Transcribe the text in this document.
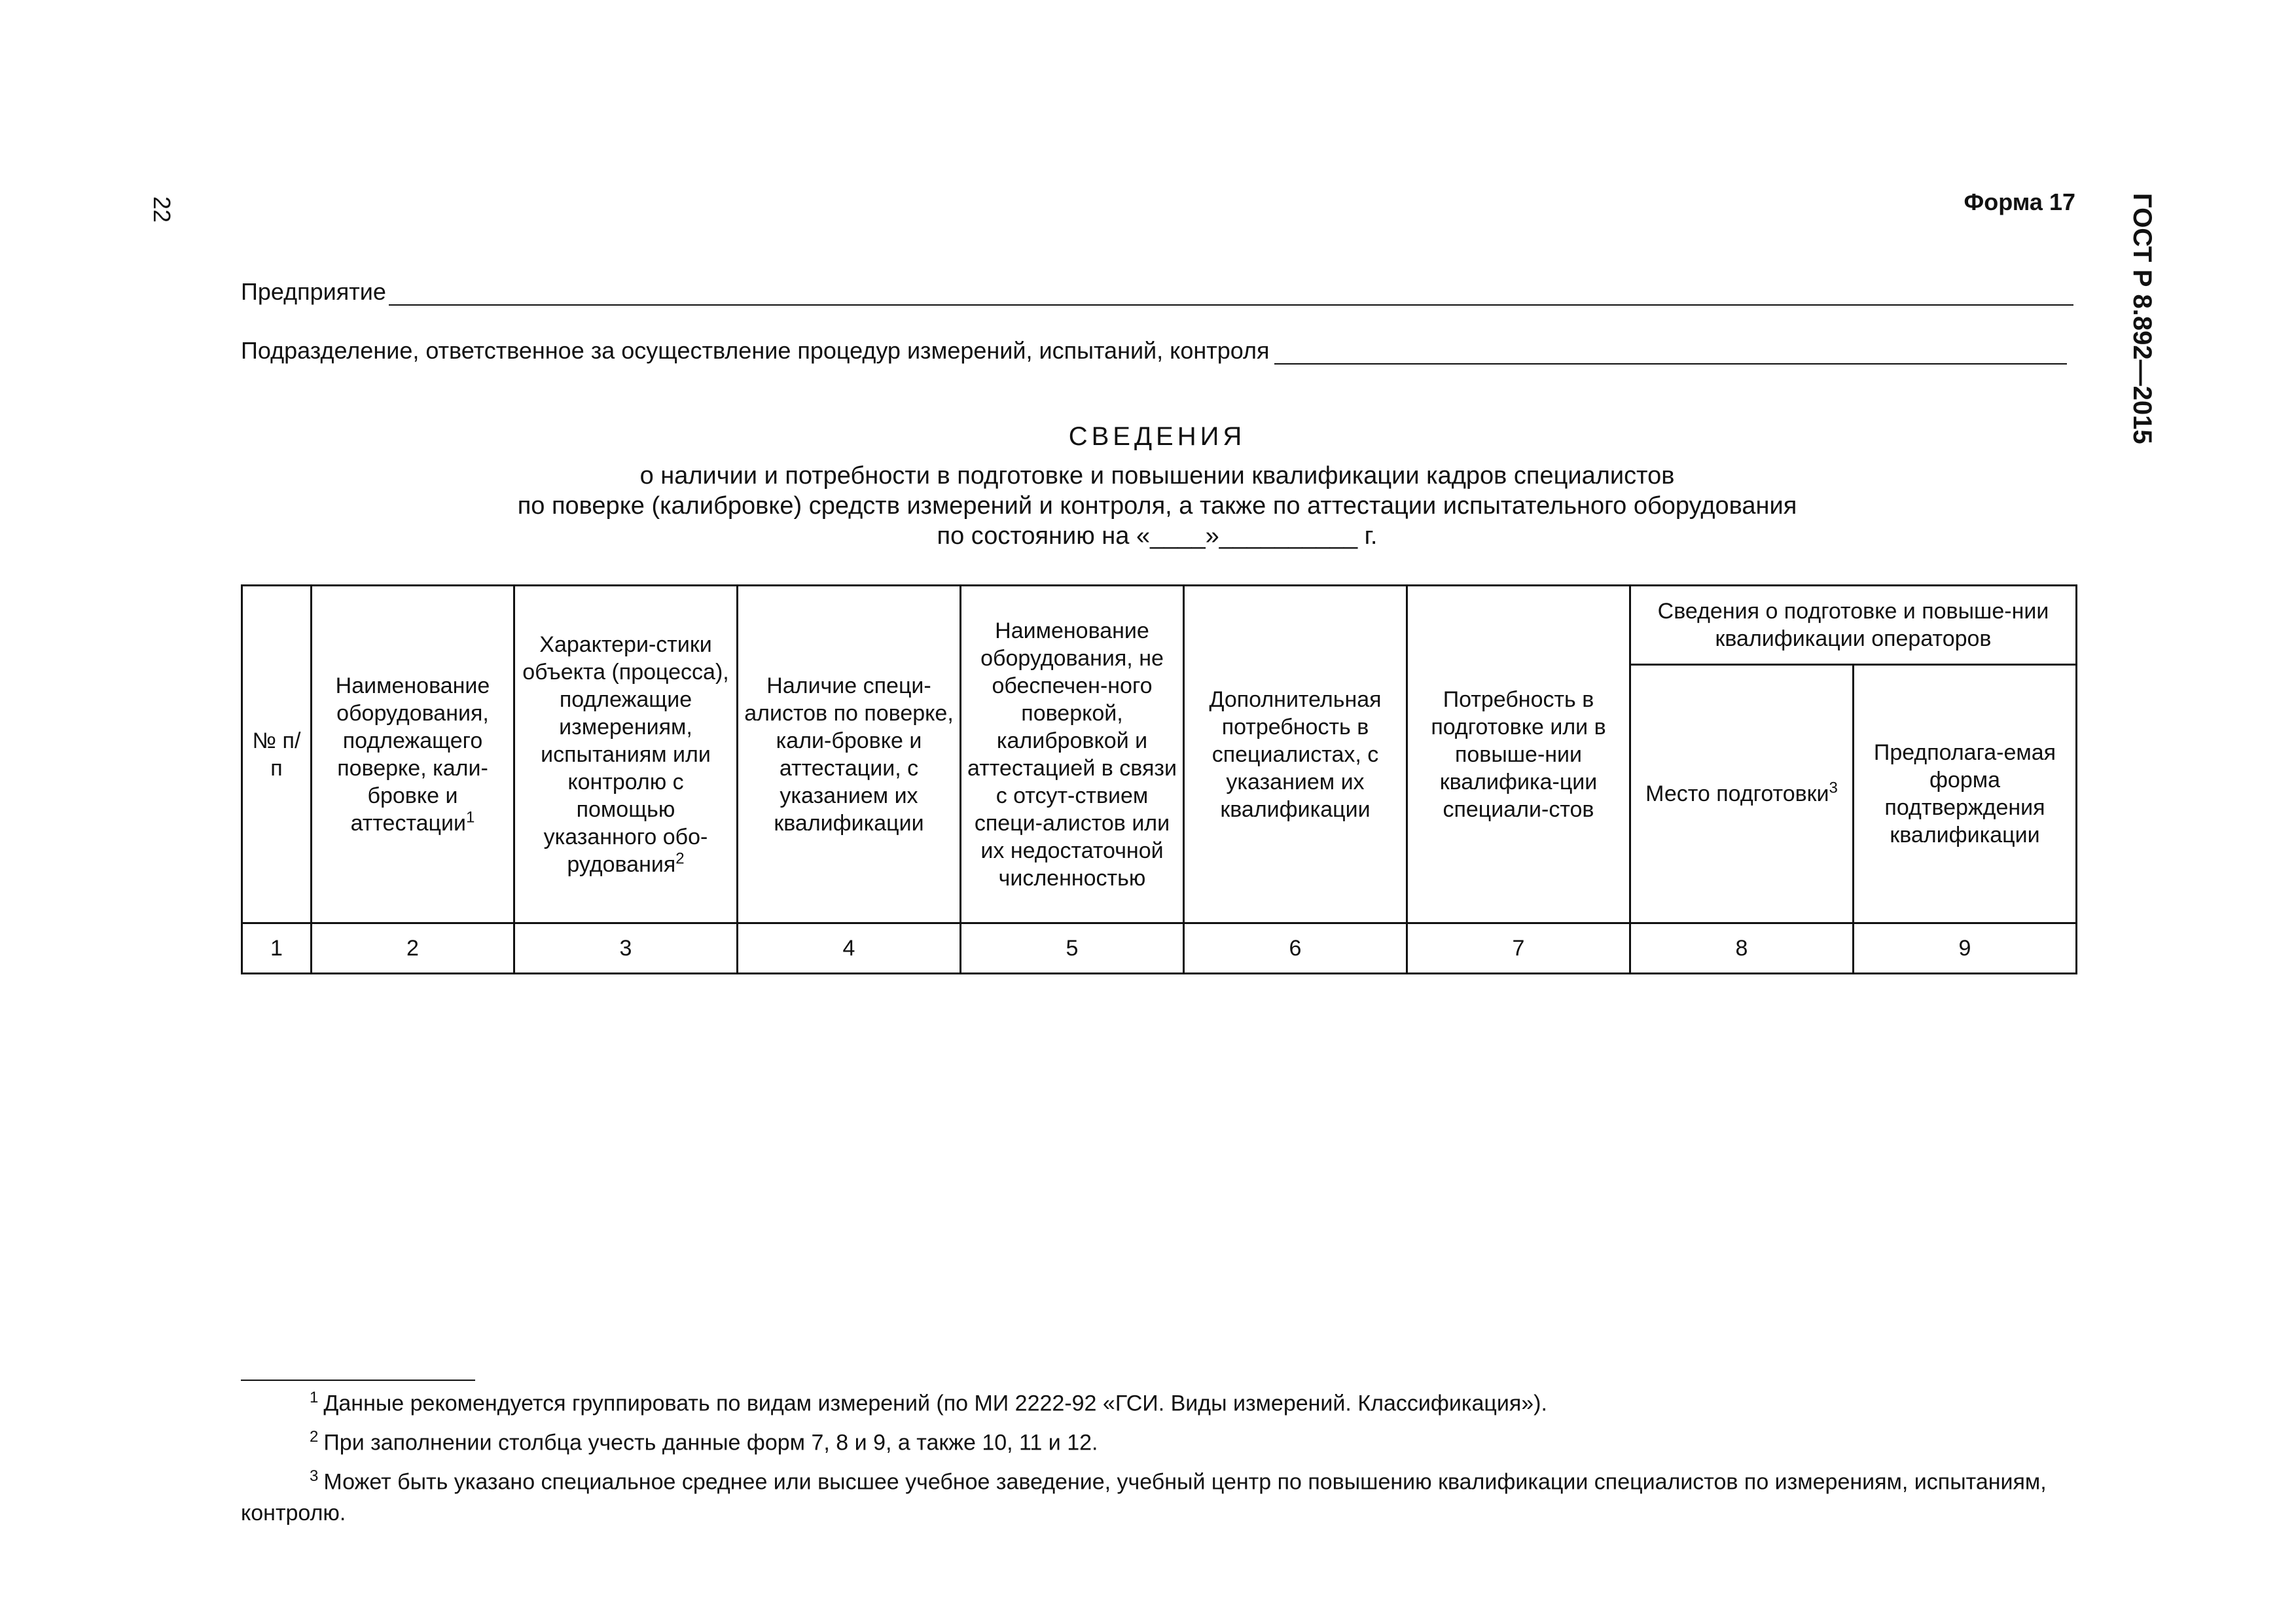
22	ГОСТ Р 8.892—2015
Форма 17
Предприятие
Подразделение, ответственное за осуществление процедур измерений, испытаний, контроля
СВЕДЕНИЯ
о наличии и потребности в подготовке и повышении квалификации кадров специалистов
по поверке (калибровке) средств измерений и контроля, а также по аттестации испытательного оборудования
по состоянию на «____»__________ г.
№ п/п	Наименование оборудования, подлежащего поверке, кали-бровке и аттестации$^1$	Характери-стики объекта (процесса), подлежащие измерениям, испытаниям или контролю с помощью указанного обо-рудования$^2$	Наличие специ-алистов по поверке, кали-бровке и аттестации, с указанием их квалификации	Наименование оборудования, не обеспечен-ного поверкой, калибровкой и аттестацией в связи с отсут-ствием специ-алистов или их недостаточной численностью	Дополнительная потребность в специалистах, с указанием их квалификации	Потребность в подготовке или в повыше-нии квалифика-ции специали-стов	Сведения о подготовке и повыше-нии квалификации операторов	
							Место подготовки$^3$	Предполага-емая форма подтверждения квалификации
1	2	3	4	5	6	7	8	9
$^1$ Данные рекомендуется группировать по видам измерений (по МИ 2222-92 «ГСИ. Виды измерений. Классификация»).
$^2$ При заполнении столбца учесть данные форм 7, 8 и 9, а также 10, 11 и 12.
$^3$ Может быть указано специальное среднее или высшее учебное заведение, учебный центр по повышению квалификации специалистов по измерениям, испытаниям, контролю.
